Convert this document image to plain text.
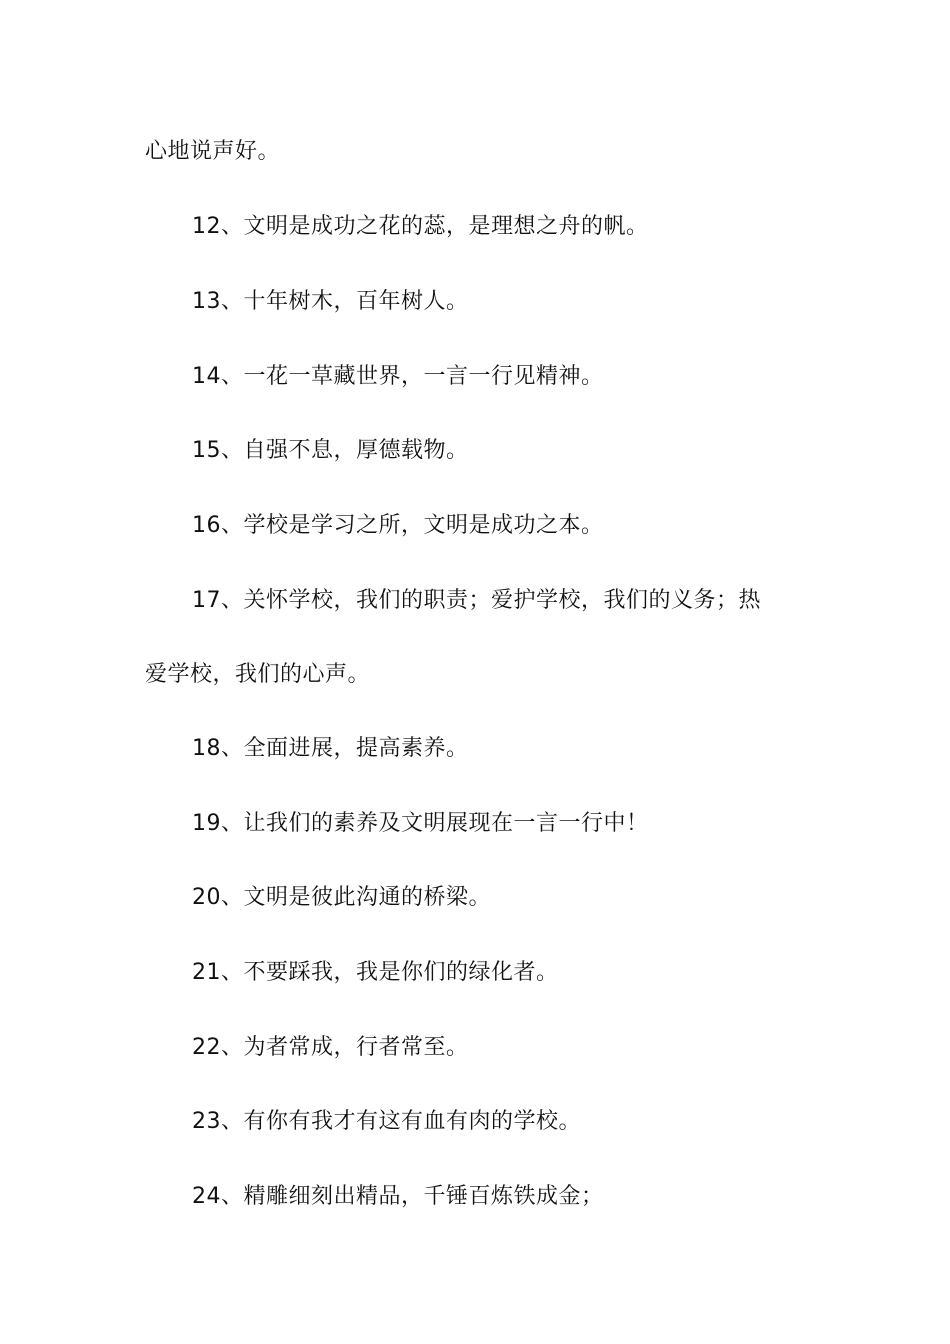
心地说声好。
12、文明是成功之花的蕊，是理想之舟的帆。
13、十年树木，百年树人。
14、一花一草藏世界，一言一行见精神。
15、自强不息，厚德载物。
16、学校是学习之所，文明是成功之本。
17、关怀学校，我们的职责；爱护学校，我们的义务；热
爱学校，我们的心声。
18、全面进展，提高素养。
19、让我们的素养及文明展现在一言一行中！
20、文明是彼此沟通的桥梁。
21、不要踩我，我是你们的绿化者。
22、为者常成，行者常至。
23、有你有我才有这有血有肉的学校。
24、精雕细刻出精品，千锤百炼铁成金；
